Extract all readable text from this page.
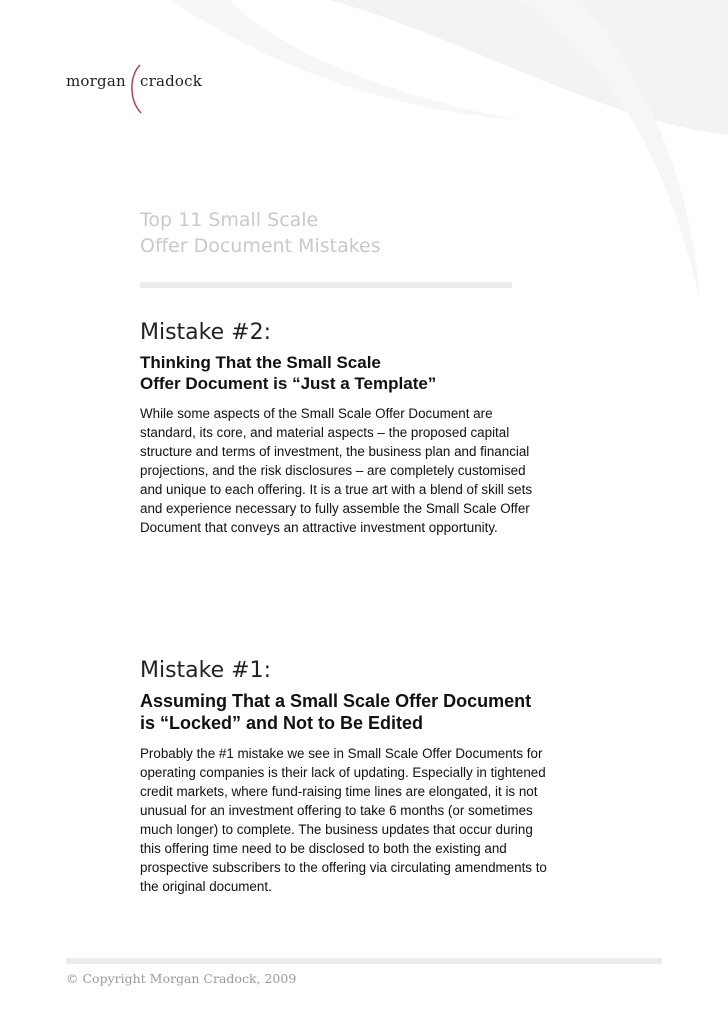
morgan cradock
Top 11 Small Scale
Offer Document Mistakes
Mistake #2:
Thinking That the Small Scale
Offer Document is “Just a Template”

While some aspects of the Small Scale Offer Document are
standard, its core, and material aspects – the proposed capital
structure and terms of investment, the business plan and financial
projections, and the risk disclosures – are completely customised
and unique to each offering. It is a true art with a blend of skill sets
and experience necessary to fully assemble the Small Scale Offer
Document that conveys an attractive investment opportunity.

Mistake #1:
Assuming That a Small Scale Offer Document
is “Locked” and Not to Be Edited

Probably the #1 mistake we see in Small Scale Offer Documents for
operating companies is their lack of updating. Especially in tightened
credit markets, where fund-raising time lines are elongated, it is not
unusual for an investment offering to take 6 months (or sometimes
much longer) to complete. The business updates that occur during
this offering time need to be disclosed to both the existing and
prospective subscribers to the offering via circulating amendments to
the original document.

© Copyright Morgan Cradock, 2009
